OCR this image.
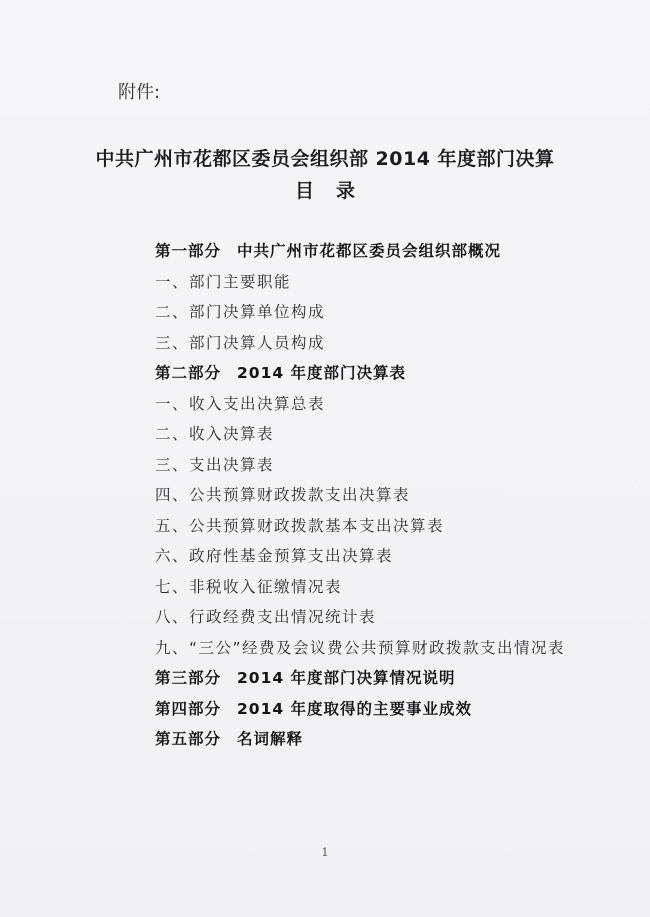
附件:
中共广州市花都区委员会组织部 2014 年度部门决算
目录
第一部分 中共广州市花都区委员会组织部概况
一、部门主要职能
二、部门决算单位构成
三、部门决算人员构成
第二部分 2014 年度部门决算表
一、收入支出决算总表
二、收入决算表
三、支出决算表
四、公共预算财政拨款支出决算表
五、公共预算财政拨款基本支出决算表
六、政府性基金预算支出决算表
七、非税收入征缴情况表
八、行政经费支出情况统计表
九、“三公”经费及会议费公共预算财政拨款支出情况表
第三部分 2014 年度部门决算情况说明
第四部分 2014 年度取得的主要事业成效
第五部分 名词解释
1
